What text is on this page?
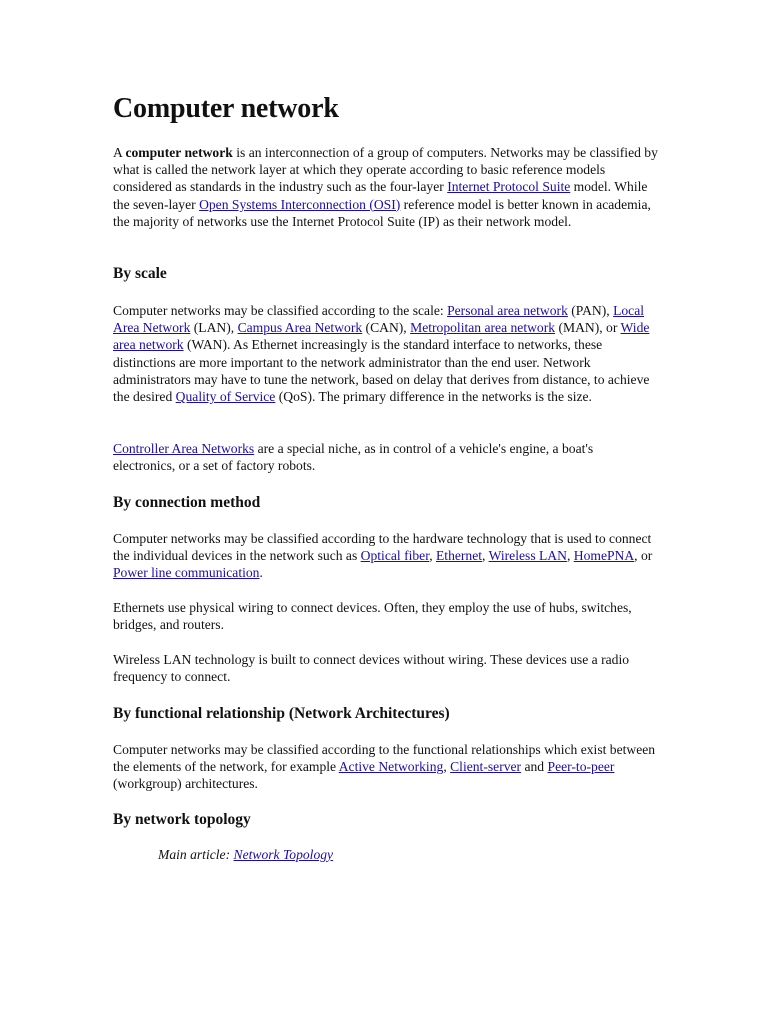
Computer network

A computer network is an interconnection of a group of computers. Networks may be classified by what is called the network layer at which they operate according to basic reference models considered as standards in the industry such as the four-layer Internet Protocol Suite model. While the seven-layer Open Systems Interconnection (OSI) reference model is better known in academia, the majority of networks use the Internet Protocol Suite (IP) as their network model.

By scale

Computer networks may be classified according to the scale: Personal area network (PAN), Local Area Network (LAN), Campus Area Network (CAN), Metropolitan area network (MAN), or Wide area network (WAN). As Ethernet increasingly is the standard interface to networks, these distinctions are more important to the network administrator than the end user. Network administrators may have to tune the network, based on delay that derives from distance, to achieve the desired Quality of Service (QoS). The primary difference in the networks is the size.

Controller Area Networks are a special niche, as in control of a vehicle's engine, a boat's electronics, or a set of factory robots.

By connection method

Computer networks may be classified according to the hardware technology that is used to connect the individual devices in the network such as Optical fiber, Ethernet, Wireless LAN, HomePNA, or Power line communication.

Ethernets use physical wiring to connect devices. Often, they employ the use of hubs, switches, bridges, and routers.

Wireless LAN technology is built to connect devices without wiring. These devices use a radio frequency to connect.

By functional relationship (Network Architectures)

Computer networks may be classified according to the functional relationships which exist between the elements of the network, for example Active Networking, Client-server and Peer-to-peer (workgroup) architectures.

By network topology
Main article: Network Topology
